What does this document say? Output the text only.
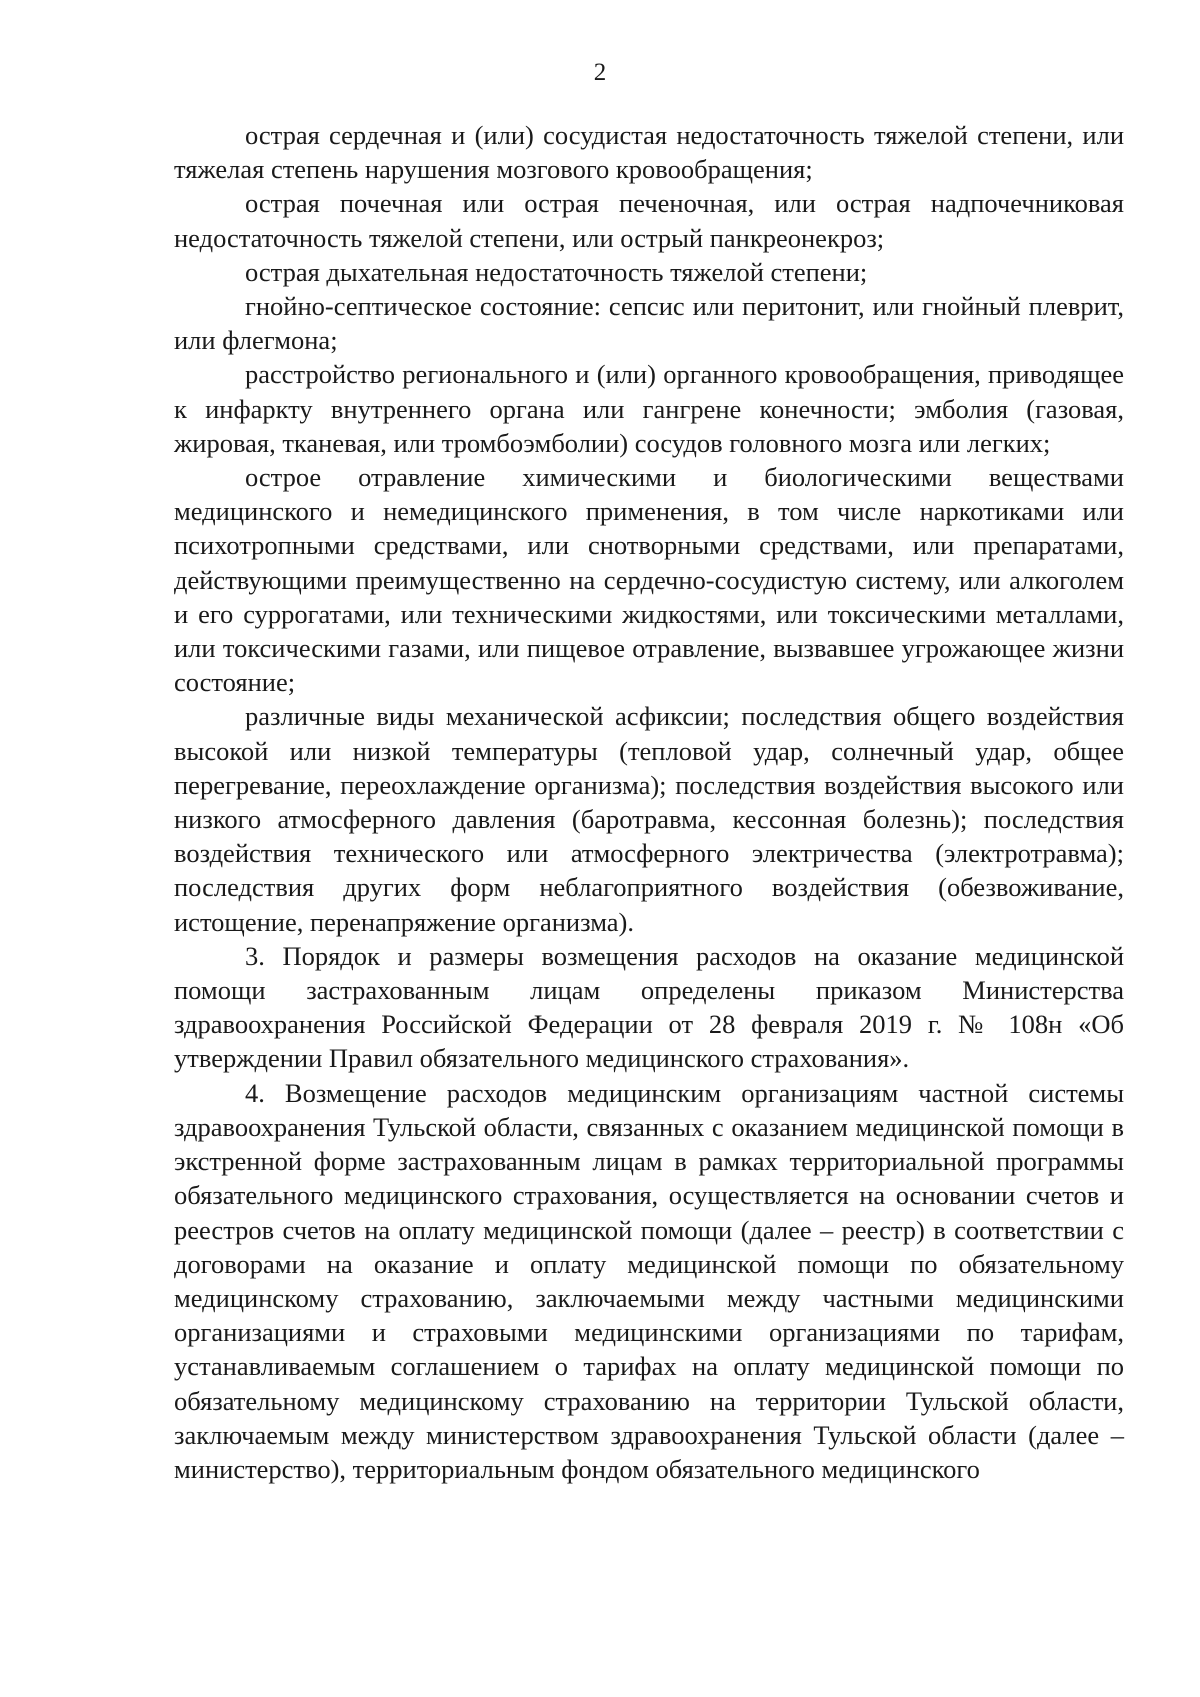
2

острая сердечная и (или) сосудистая недостаточность тяжелой степени, или тяжелая степень нарушения мозгового кровообращения;

острая почечная или острая печеночная, или острая надпочечниковая недостаточность тяжелой степени, или острый панкреонекроз;

острая дыхательная недостаточность тяжелой степени;

гнойно-септическое состояние: сепсис или перитонит, или гнойный плеврит, или флегмона;

расстройство регионального и (или) органного кровообращения, приводящее к инфаркту внутреннего органа или гангрене конечности; эмболия (газовая, жировая, тканевая, или тромбоэмболии) сосудов головного мозга или легких;

острое отравление химическими и биологическими веществами медицинского и немедицинского применения, в том числе наркотиками или психотропными средствами, или снотворными средствами, или препаратами, действующими преимущественно на сердечно-сосудистую систему, или алкоголем и его суррогатами, или техническими жидкостями, или токсическими металлами, или токсическими газами, или пищевое отравление, вызвавшее угрожающее жизни состояние;

различные виды механической асфиксии; последствия общего воздействия высокой или низкой температуры (тепловой удар, солнечный удар, общее перегревание, переохлаждение организма); последствия воздействия высокого или низкого атмосферного давления (баротравма, кессонная болезнь); последствия воздействия технического или атмосферного электричества (электротравма); последствия других форм неблагоприятного воздействия (обезвоживание, истощение, перенапряжение организма).

3. Порядок и размеры возмещения расходов на оказание медицинской помощи застрахованным лицам определены приказом Министерства здравоохранения Российской Федерации от 28 февраля 2019 г. № 108н «Об утверждении Правил обязательного медицинского страхования».

4. Возмещение расходов медицинским организациям частной системы здравоохранения Тульской области, связанных с оказанием медицинской помощи в экстренной форме застрахованным лицам в рамках территориальной программы обязательного медицинского страхования, осуществляется на основании счетов и реестров счетов на оплату медицинской помощи (далее – реестр) в соответствии с договорами на оказание и оплату медицинской помощи по обязательному медицинскому страхованию, заключаемыми между частными медицинскими организациями и страховыми медицинскими организациями по тарифам, устанавливаемым соглашением о тарифах на оплату медицинской помощи по обязательному медицинскому страхованию на территории Тульской области, заключаемым между министерством здравоохранения Тульской области (далее – министерство), территориальным фондом обязательного медицинского
